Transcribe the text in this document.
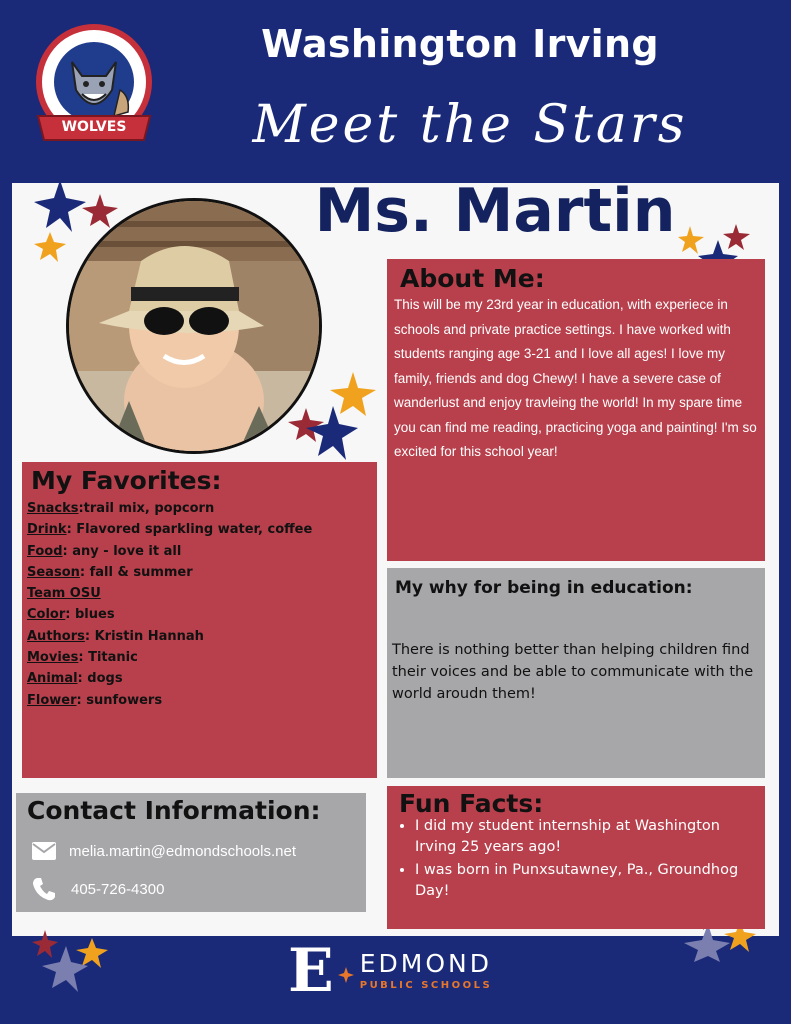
WOLVES
Washington Irving
Meet the Stars
Ms. Martin
About Me:
This will be my 23rd year in education, with experiece in schools and private practice settings. I have worked with students ranging age 3-21 and I love all ages! I love my family, friends and dog Chewy! I have a severe case of wanderlust and enjoy travleing the world! In my spare time you can find me reading, practicing yoga and painting! I'm so excited for this school year!
My why for being in education:
There is nothing better than helping children find their voices and be able to communicate with the world aroudn them!
My Favorites:
Snacks:trail mix, popcorn
Drink: Flavored sparkling water, coffee
Food: any - love it all
Season: fall & summer
Team OSU
Color: blues
Authors: Kristin Hannah
Movies: Titanic
Animal: dogs
Flower: sunfowers
Contact Information:
melia.martin@edmondschools.net
405-726-4300
Fun Facts:
• I did my student internship at Washington Irving 25 years ago!
• I was born in Punxsutawney, Pa., Groundhog Day!
E EDMOND
PUBLIC SCHOOLS
